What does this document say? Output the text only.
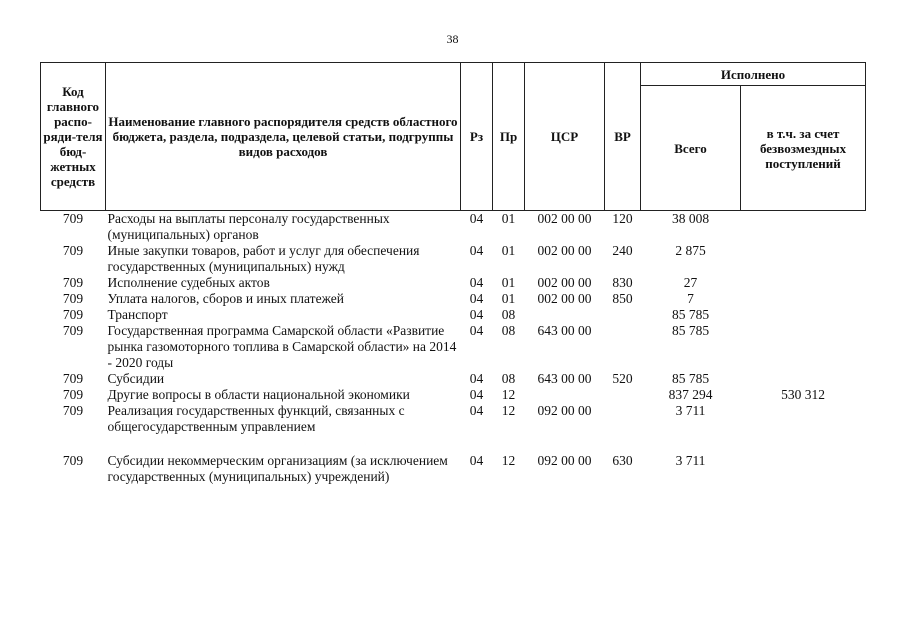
38
Код главного распо-ряди-теля бюд-жетных средств	Наименование главного распорядителя средств областного бюджета, раздела, подраздела, целевой статьи, подгруппы видов расходов	Рз	Пр	ЦСР	ВР	Исполнено	
						Всего	в т.ч. за счет безвозмездных поступлений
709	Расходы на выплаты персоналу государственных (муниципальных) органов	04	01	002 00 00	120	38 008	
709	Иные закупки товаров, работ и услуг для обеспечения государственных (муниципальных) нужд	04	01	002 00 00	240	2 875	
709	Исполнение судебных актов	04	01	002 00 00	830	27	
709	Уплата налогов, сборов и иных платежей	04	01	002 00 00	850	7	
709	Транспорт	04	08			85 785	
709	Государственная программа Самарской области «Развитие рынка газомоторного топлива в Самарской области» на 2014 - 2020 годы	04	08	643 00 00		85 785	
709	Субсидии	04	08	643 00 00	520	85 785	
709	Другие вопросы в области национальной экономики	04	12			837 294	530 312
709	Реализация государственных функций, связанных с общегосударственным управлением	04	12	092 00 00		3 711	
709	Субсидии некоммерческим организациям (за исключением государственных (муниципальных) учреждений)	04	12	092 00 00	630	3 711	
